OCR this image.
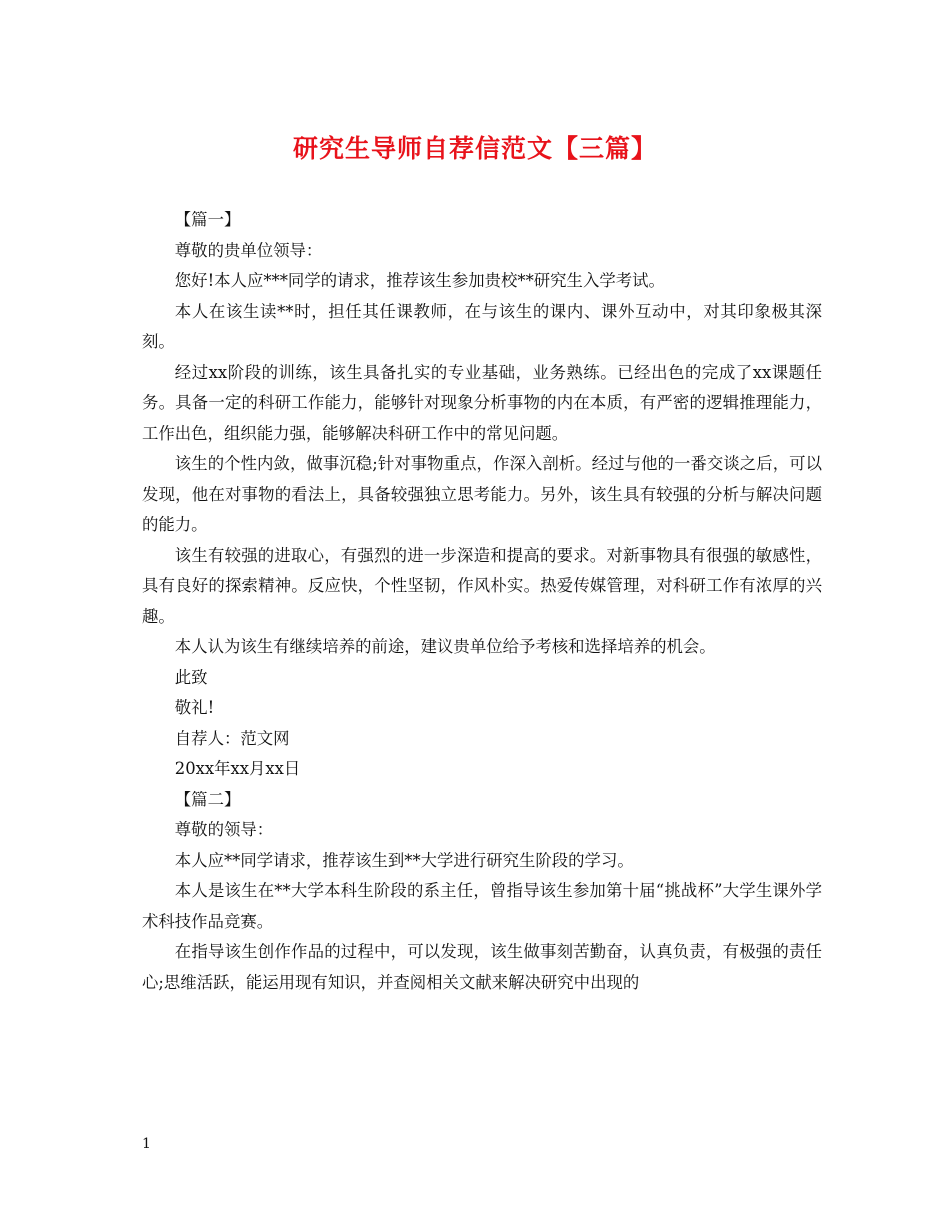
研究生导师自荐信范文【三篇】

【篇一】

尊敬的贵单位领导：

您好!本人应***同学的请求，推荐该生参加贵校**研究生入学考试。

本人在该生读**时，担任其任课教师，在与该生的课内、课外互动中，对其印象极其深刻。

经过xx阶段的训练，该生具备扎实的专业基础，业务熟练。已经出色的完成了xx课题任务。具备一定的科研工作能力，能够针对现象分析事物的内在本质，有严密的逻辑推理能力，工作出色，组织能力强，能够解决科研工作中的常见问题。

该生的个性内敛，做事沉稳;针对事物重点，作深入剖析。经过与他的一番交谈之后，可以发现，他在对事物的看法上，具备较强独立思考能力。另外，该生具有较强的分析与解决问题的能力。

该生有较强的进取心，有强烈的进一步深造和提高的要求。对新事物具有很强的敏感性，具有良好的探索精神。反应快，个性坚韧，作风朴实。热爱传媒管理，对科研工作有浓厚的兴趣。

本人认为该生有继续培养的前途，建议贵单位给予考核和选择培养的机会。

此致

敬礼!

自荐人：范文网

20xx年xx月xx日

【篇二】

尊敬的领导：

本人应**同学请求，推荐该生到**大学进行研究生阶段的学习。

本人是该生在**大学本科生阶段的系主任，曾指导该生参加第十届“挑战杯”大学生课外学术科技作品竞赛。

在指导该生创作作品的过程中，可以发现，该生做事刻苦勤奋，认真负责，有极强的责任心;思维活跃，能运用现有知识，并查阅相关文献来解决研究中出现的

1
